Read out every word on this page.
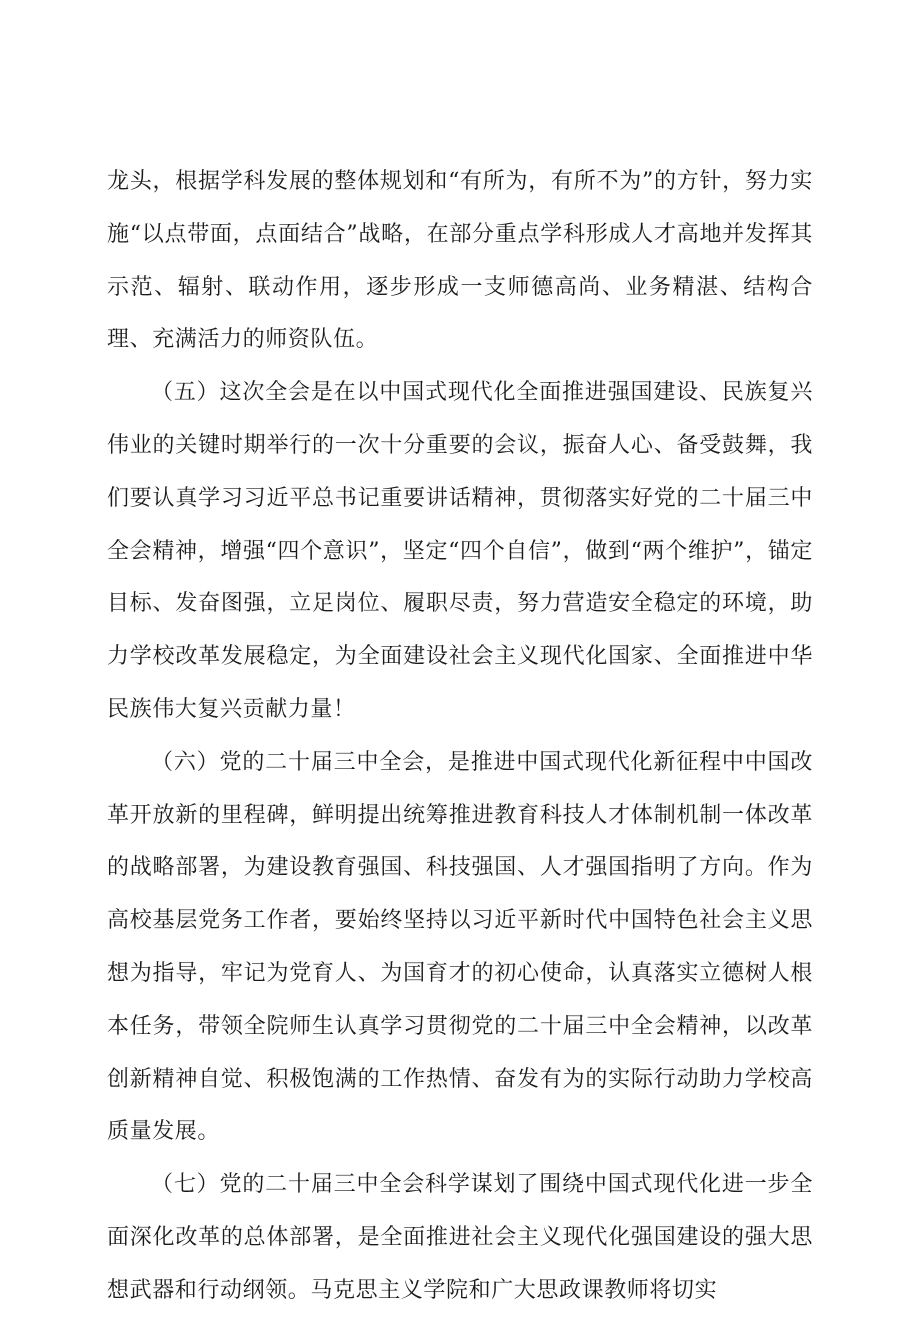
龙头，根据学科发展的整体规划和“有所为，有所不为”的方针，努力实施“以点带面，点面结合”战略，在部分重点学科形成人才高地并发挥其示范、辐射、联动作用，逐步形成一支师德高尚、业务精湛、结构合理、充满活力的师资队伍。

（五）这次全会是在以中国式现代化全面推进强国建设、民族复兴伟业的关键时期举行的一次十分重要的会议，振奋人心、备受鼓舞，我们要认真学习习近平总书记重要讲话精神，贯彻落实好党的二十届三中全会精神，增强“四个意识”，坚定“四个自信”，做到“两个维护”，锚定目标、发奋图强，立足岗位、履职尽责，努力营造安全稳定的环境，助力学校改革发展稳定，为全面建设社会主义现代化国家、全面推进中华民族伟大复兴贡献力量！

（六）党的二十届三中全会，是推进中国式现代化新征程中中国改革开放新的里程碑，鲜明提出统筹推进教育科技人才体制机制一体改革的战略部署，为建设教育强国、科技强国、人才强国指明了方向。作为高校基层党务工作者，要始终坚持以习近平新时代中国特色社会主义思想为指导，牢记为党育人、为国育才的初心使命，认真落实立德树人根本任务，带领全院师生认真学习贯彻党的二十届三中全会精神，以改革创新精神自觉、积极饱满的工作热情、奋发有为的实际行动助力学校高质量发展。

（七）党的二十届三中全会科学谋划了围绕中国式现代化进一步全面深化改革的总体部署，是全面推进社会主义现代化强国建设的强大思想武器和行动纲领。马克思主义学院和广大思政课教师将切实
